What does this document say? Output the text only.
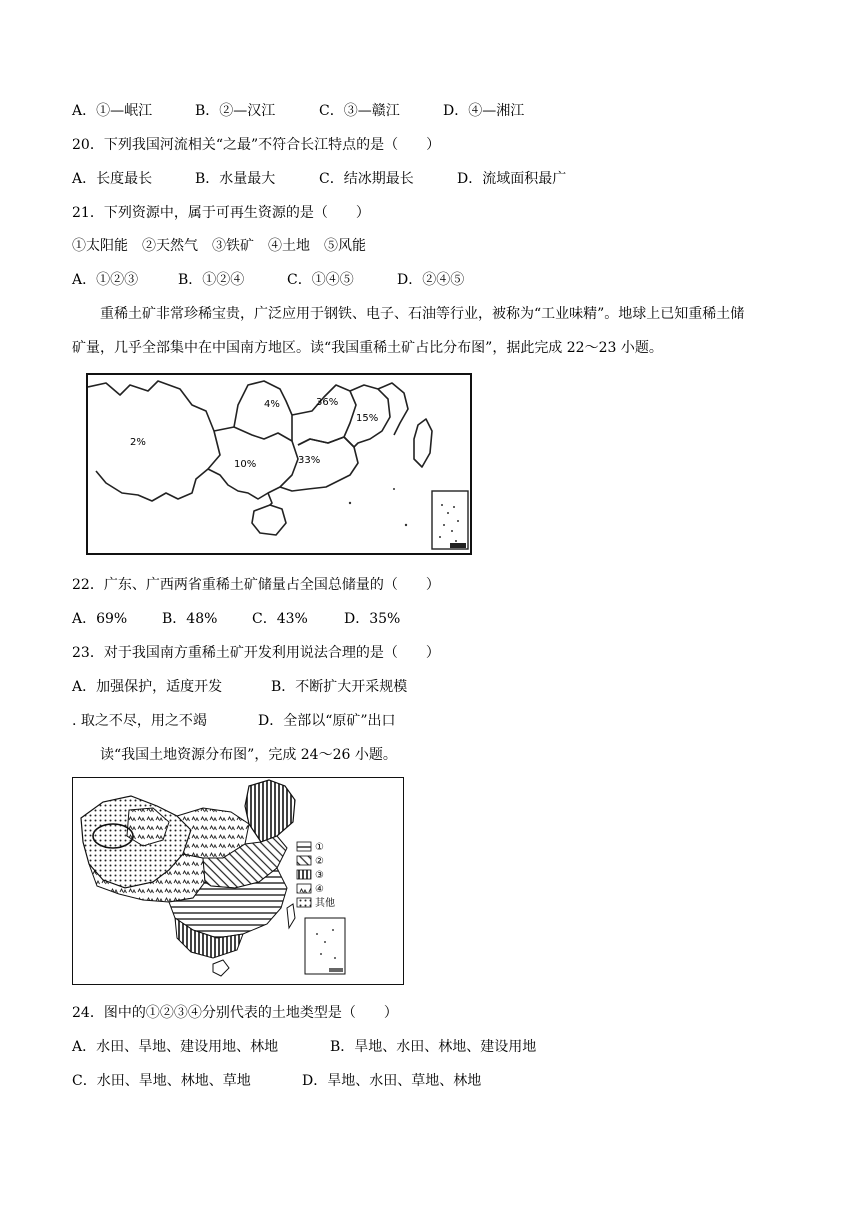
A．①—岷江	B．②—汉江	C．③—赣江	D．④—湘江
20．下列我国河流相关“之最”不符合长江特点的是（　　）
A．长度最长	B．水量最大	C．结冰期最长	D．流域面积最广
21．下列资源中，属于可再生资源的是（　　）
①太阳能　②天然气　③铁矿　④土地　⑤风能
A．①②③	B．①②④	C．①④⑤	D．②④⑤
重稀土矿非常珍稀宝贵，广泛应用于钢铁、电子、石油等行业，被称为“工业味精”。地球上已知重稀土储
矿量，几乎全部集中在中国南方地区。读“我国重稀土矿占比分布图”，据此完成 22～23 小题。
2%
4%	36%
15%
10%	33%
22．广东、广西两省重稀土矿储量占全国总储量的（　　）
A．69% B．48% C．43%	D．35%
23．对于我国南方重稀土矿开发利用说法合理的是（　　）
A．加强保护，适度开发	B．不断扩大开采规模
. 取之不尽，用之不竭	D．全部以“原矿”出口
读“我国土地资源分布图”，完成 24～26 小题。
①
②
③
④
其他
24．图中的①②③④分别代表的土地类型是（　　）
A．水田、旱地、建设用地、林地	B．旱地、水田、林地、建设用地
C．水田、旱地、林地、草地	D．旱地、水田、草地、林地
